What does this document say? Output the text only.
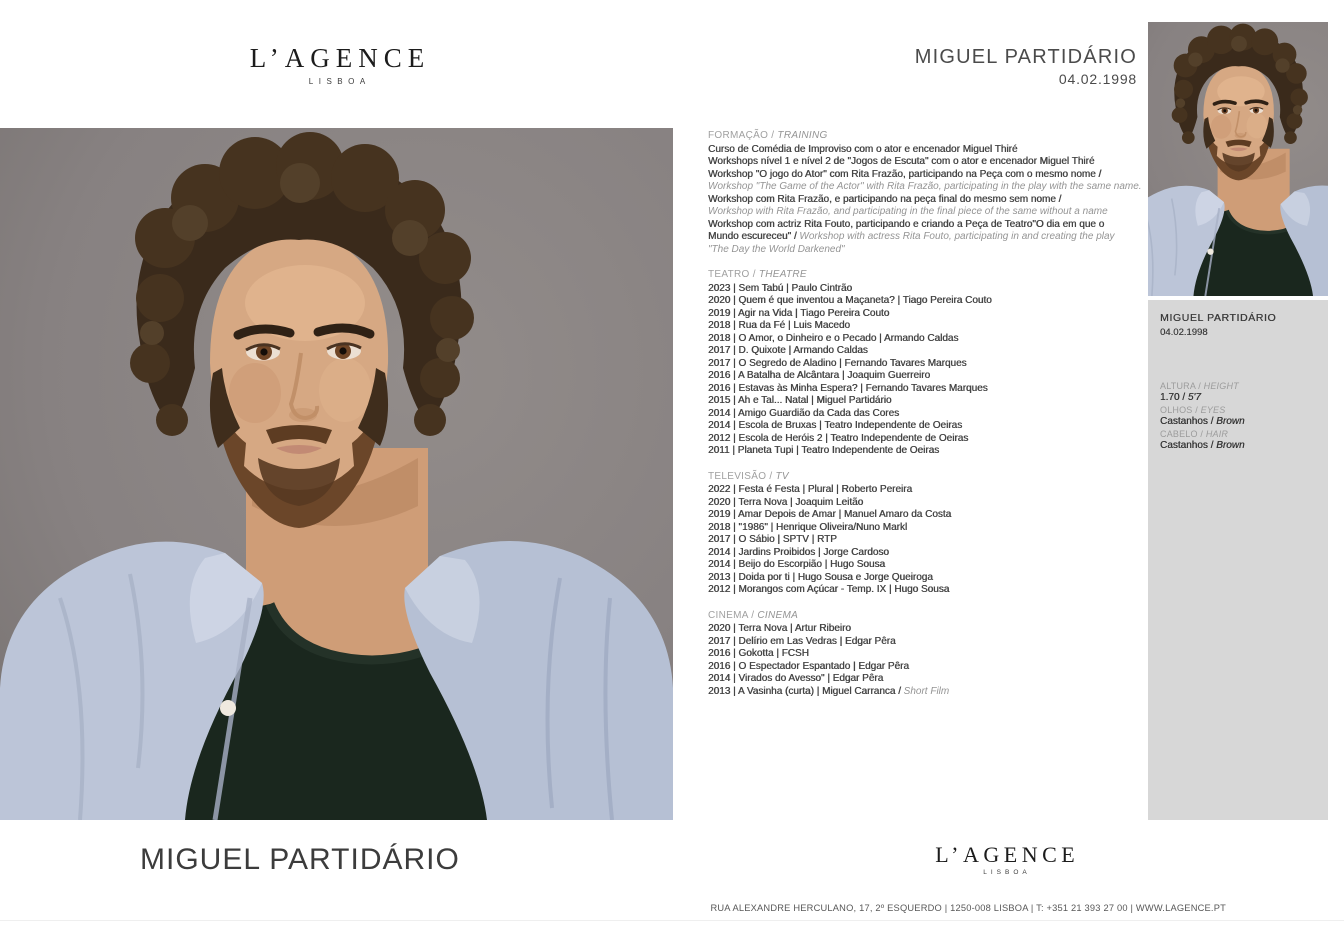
L’AGENCE
LISBOA
MIGUEL PARTIDÁRIO
04.02.1998
FORMAÇÃO / TRAINING
Curso de Comédia de Improviso com o ator e encenador Miguel Thiré
Workshops nível 1 e nível 2 de "Jogos de Escuta" com o ator e encenador Miguel Thiré
Workshop "O jogo do Ator" com Rita Frazão, participando na Peça com o mesmo nome /
Workshop "The Game of the Actor" with Rita Frazão, participating in the play with the same name.
Workshop com Rita Frazão, e participando na peça final do mesmo sem nome /
Workshop with Rita Frazão, and participating in the final piece of the same without a name
Workshop com actriz Rita Fouto, participando e criando a Peça de Teatro"O dia em que o
Mundo escureceu" / Workshop with actress Rita Fouto, participating in and creating the play
"The Day the World Darkened"
TEATRO / THEATRE
2023 | Sem Tabú | Paulo Cintrão
2020 | Quem é que inventou a Maçaneta? | Tiago Pereira Couto
2019 | Agir na Vida | Tiago Pereira Couto
2018 | Rua da Fé | Luis Macedo
2018 | O Amor, o Dinheiro e o Pecado | Armando Caldas
2017 | D. Quixote | Armando Caldas
2017 | O Segredo de Aladino | Fernando Tavares Marques
2016 | A Batalha de Alcântara | Joaquim Guerreiro
2016 | Estavas às Minha Espera? | Fernando Tavares Marques
2015 | Ah e Tal... Natal | Miguel Partidário
2014 | Amigo Guardião da Cada das Cores
2014 | Escola de Bruxas | Teatro Independente de Oeiras
2012 | Escola de Heróis 2 | Teatro Independente de Oeiras
2011 | Planeta Tupi | Teatro Independente de Oeiras
TELEVISÃO / TV
2022 | Festa é Festa | Plural | Roberto Pereira
2020 | Terra Nova | Joaquim Leitão
2019 | Amar Depois de Amar | Manuel Amaro da Costa
2018 | "1986" | Henrique Oliveira/Nuno Markl
2017 | O Sábio | SPTV | RTP
2014 | Jardins Proibidos | Jorge Cardoso
2014 | Beijo do Escorpião | Hugo Sousa
2013 | Doida por ti | Hugo Sousa e Jorge Queiroga
2012 | Morangos com Açúcar - Temp. IX | Hugo Sousa
CINEMA / CINEMA
2020 | Terra Nova | Artur Ribeiro
2017 | Delírio em Las Vedras | Edgar Pêra
2016 | Gokotta | FCSH
2016 | O Espectador Espantado | Edgar Pêra
2014 | Virados do Avesso" | Edgar Pêra
2013 | A Vasinha (curta) | Miguel Carranca / Short Film
MIGUEL PARTIDÁRIO
04.02.1998
ALTURA / HEIGHT
1.70 / 5'7
OLHOS / EYES
Castanhos / Brown
CABELO / HAIR
Castanhos / Brown
MIGUEL PARTIDÁRIO	L’AGENCE
LISBOA
RUA ALEXANDRE HERCULANO, 17, 2º ESQUERDO | 1250-008 LISBOA | T: +351 21 393 27 00 | WWW.LAGENCE.PT
